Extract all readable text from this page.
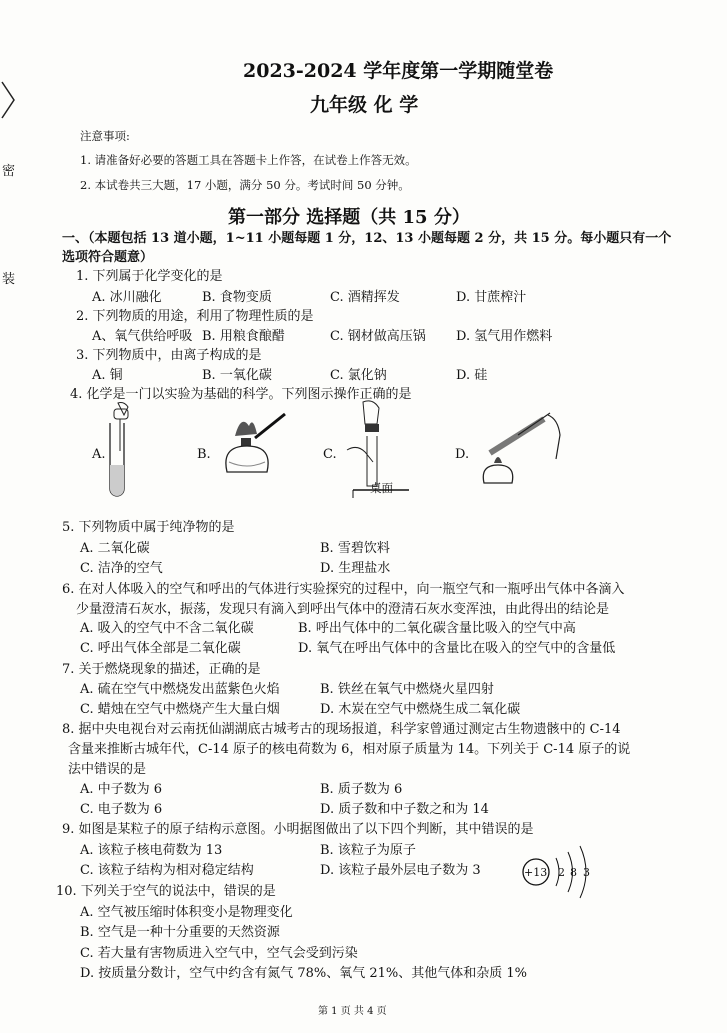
密
装
2023-2024 学年度第一学期随堂卷
九年级 化 学
注意事项:
1. 请准备好必要的答题工具在答题卡上作答，在试卷上作答无效。
2. 本试卷共三大题，17 小题，满分 50 分。考试时间 50 分钟。
第一部分 选择题（共 15 分）
一、（本题包括 13 道小题，1~11 小题每题 1 分，12、13 小题每题 2 分，共 15 分。每小题只有一个
选项符合题意）
1. 下列属于化学变化的是
A. 冰川融化	B. 食物变质	C. 酒精挥发	D. 甘蔗榨汁
2. 下列物质的用途，利用了物理性质的是
A、氧气供给呼吸 B. 用粮食酿醋	C. 钢材做高压锅 D. 氢气用作燃料
3. 下列物质中，由离子构成的是
A. 铜	B. 一氧化碳	C. 氯化钠	D. 硅
4. 化学是一门以实验为基础的科学。下列图示操作正确的是
A.	B.	C.	D.
桌面
5. 下列物质中属于纯净物的是
A. 二氧化碳	B. 雪碧饮料
C. 洁净的空气	D. 生理盐水
6. 在对人体吸入的空气和呼出的气体进行实验探究的过程中，向一瓶空气和一瓶呼出气体中各滴入
少量澄清石灰水，振荡，发现只有滴入到呼出气体中的澄清石灰水变浑浊，由此得出的结论是
A. 吸入的空气中不含二氧化碳	B. 呼出气体中的二氧化碳含量比吸入的空气中高
C. 呼出气体全部是二氧化碳	D. 氧气在呼出气体中的含量比在吸入的空气中的含量低
7. 关于燃烧现象的描述，正确的是
A. 硫在空气中燃烧发出蓝紫色火焰	B. 铁丝在氧气中燃烧火星四射
C. 蜡烛在空气中燃烧产生大量白烟	D. 木炭在空气中燃烧生成二氧化碳
8. 据中央电视台对云南抚仙湖湖底古城考古的现场报道，科学家曾通过测定古生物遗骸中的 C-14
含量来推断古城年代，C-14 原子的核电荷数为 6，相对原子质量为 14。下列关于 C-14 原子的说
法中错误的是
A. 中子数为 6	B. 质子数为 6
C. 电子数为 6	D. 质子数和中子数之和为 14
9. 如图是某粒子的原子结构示意图。小明据图做出了以下四个判断，其中错误的是
A. 该粒子核电荷数为 13	B. 该粒子为原子
C. 该粒子结构为相对稳定结构	D. 该粒子最外层电子数为 3	+13 2 8 3
10. 下列关于空气的说法中，错误的是
A. 空气被压缩时体积变小是物理变化
B. 空气是一种十分重要的天然资源
C. 若大量有害物质进入空气中，空气会受到污染
D. 按质量分数计，空气中约含有氮气 78%、氧气 21%、其他气体和杂质 1%
第 1 页 共 4 页
